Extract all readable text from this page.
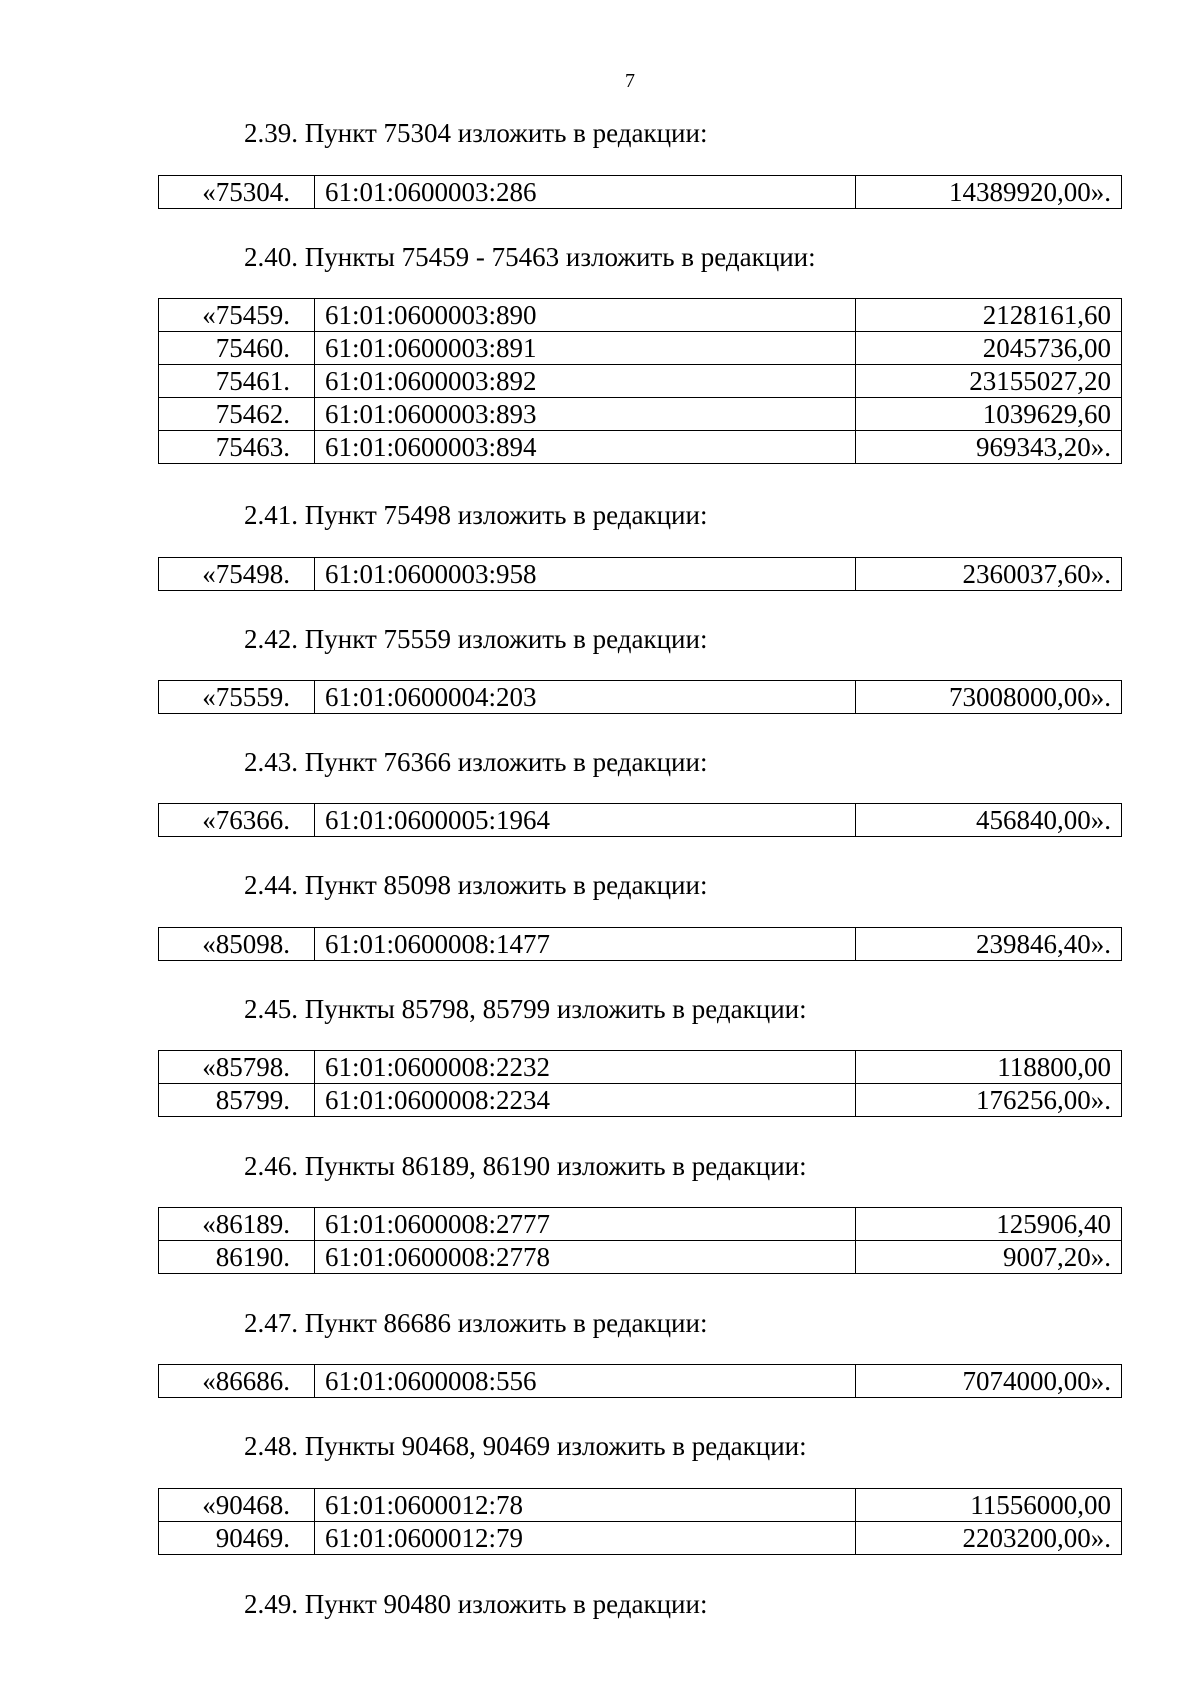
7
2.39. Пункт 75304 изложить в редакции:
«75304.	61:01:0600003:286	14389920,00».
2.40. Пункты 75459 - 75463 изложить в редакции:
«75459.	61:01:0600003:890	2128161,60
75460.	61:01:0600003:891	2045736,00
75461.	61:01:0600003:892	23155027,20
75462.	61:01:0600003:893	1039629,60
75463.	61:01:0600003:894	969343,20».
2.41. Пункт 75498 изложить в редакции:
«75498.	61:01:0600003:958	2360037,60».
2.42. Пункт 75559 изложить в редакции:
«75559.	61:01:0600004:203	73008000,00».
2.43. Пункт 76366 изложить в редакции:
«76366.	61:01:0600005:1964	456840,00».
2.44. Пункт 85098 изложить в редакции:
«85098.	61:01:0600008:1477	239846,40».
2.45. Пункты 85798, 85799 изложить в редакции:
«85798.	61:01:0600008:2232	118800,00
85799.	61:01:0600008:2234	176256,00».
2.46. Пункты 86189, 86190 изложить в редакции:
«86189.	61:01:0600008:2777	125906,40
86190.	61:01:0600008:2778	9007,20».
2.47. Пункт 86686 изложить в редакции:
«86686.	61:01:0600008:556	7074000,00».
2.48. Пункты 90468, 90469 изложить в редакции:
«90468.	61:01:0600012:78	11556000,00
90469.	61:01:0600012:79	2203200,00».
2.49. Пункт 90480 изложить в редакции:
